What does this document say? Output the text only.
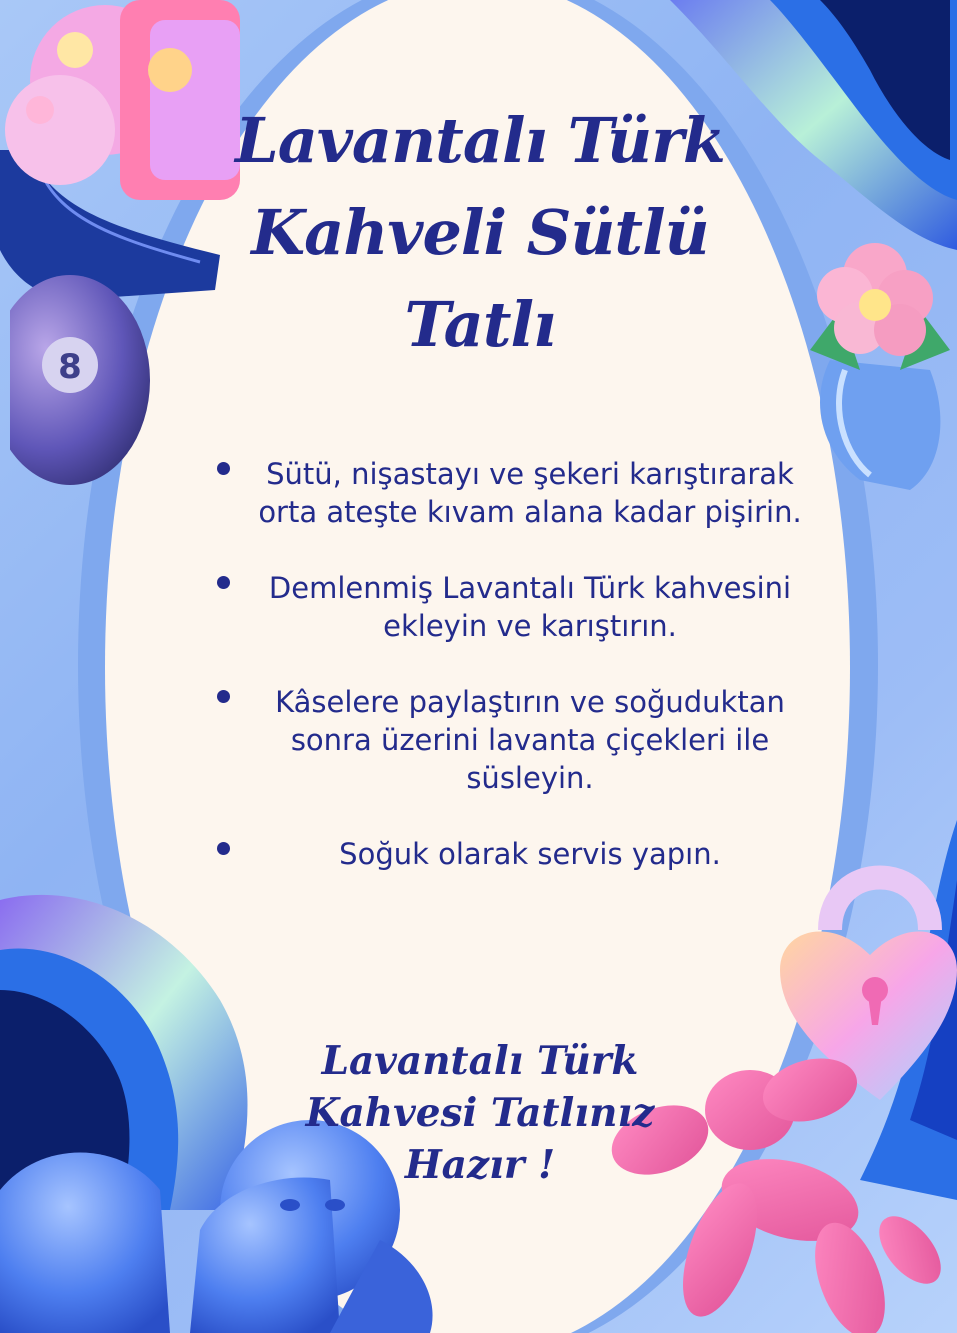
8
Lavantalı Türk Kahveli Sütlü Tatlı
Sütü, nişastayı ve şekeri karıştırarak orta ateşte kıvam alana kadar pişirin.
Demlenmiş Lavantalı Türk kahvesini ekleyin ve karıştırın.
Kâselere paylaştırın ve soğuduktan sonra üzerini lavanta çiçekleri ile süsleyin.
Soğuk olarak servis yapın.
Lavantalı Türk Kahvesi Tatlınız Hazır !
